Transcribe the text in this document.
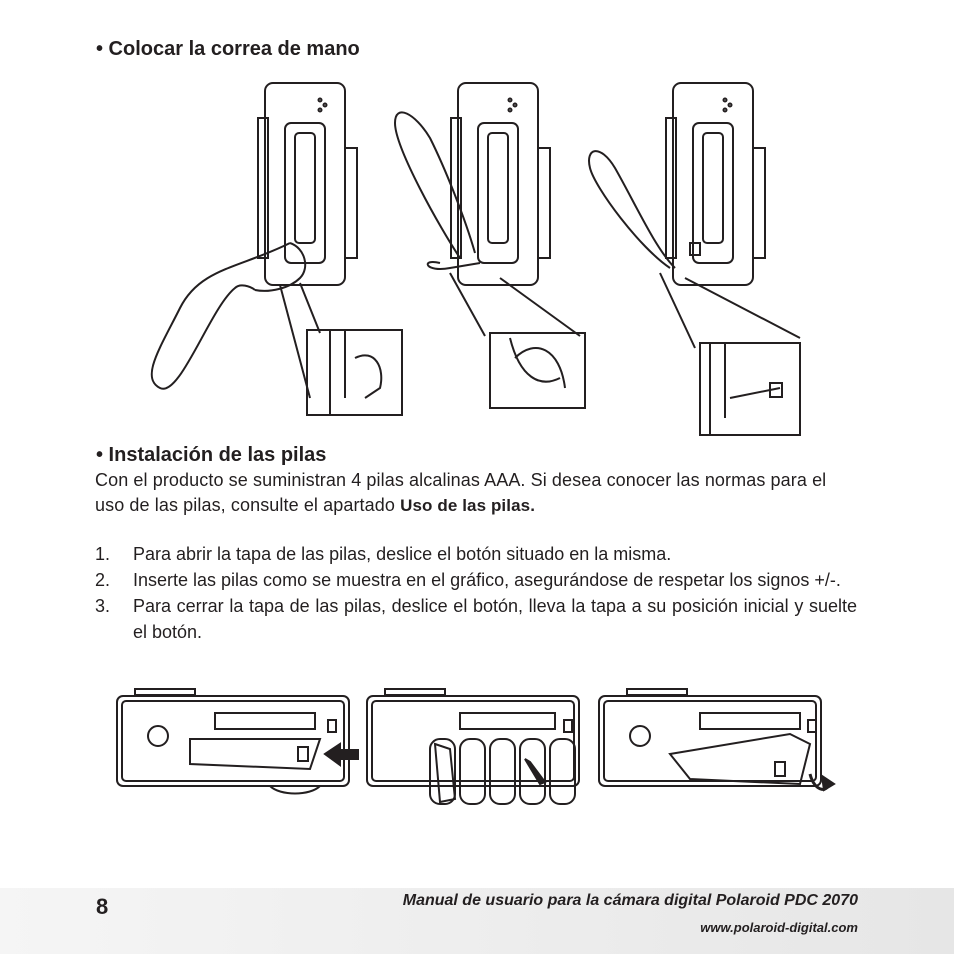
• Colocar la correa de mano
• Instalación de las pilas
Con el producto se suministran 4 pilas alcalinas AAA. Si desea conocer las normas para el uso de las pilas, consulte el apartado Uso de las pilas.
1. Para abrir la tapa de las pilas, deslice el botón situado en la misma.
2. Inserte las pilas como se muestra en el gráfico, asegurándose de respetar los signos +/-.
3. Para cerrar la tapa de las pilas, deslice el botón, lleva la tapa a su posición inicial y suelte el botón.
8	Manual de usuario para la cámara digital Polaroid PDC 2070
www.polaroid-digital.com
